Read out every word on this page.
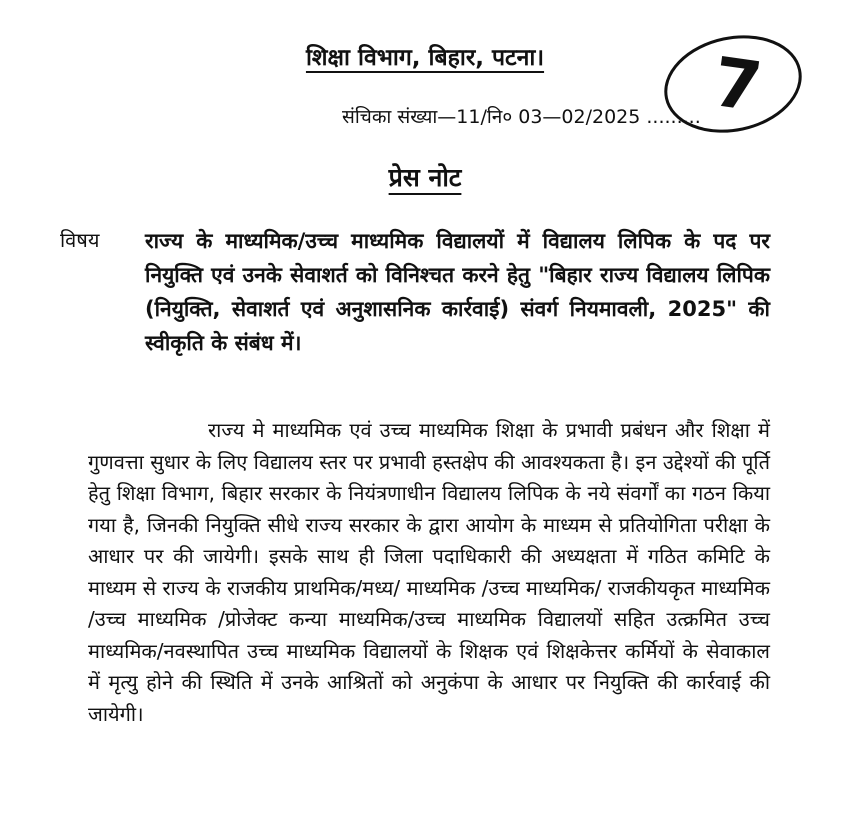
शिक्षा विभाग, बिहार, पटना।
संचिका संख्या—11/नि० 03—02/2025 ......... 7
प्रेस नोट
विषय राज्य के माध्यमिक/उच्च माध्यमिक विद्यालयों में विद्यालय लिपिक के पद पर नियुक्ति एवं उनके सेवाशर्त को विनिश्चत करने हेतु "बिहार राज्य विद्यालय लिपिक (नियुक्ति, सेवाशर्त एवं अनुशासनिक कार्रवाई) संवर्ग नियमावली, 2025" की स्वीकृति के संबंध में।

राज्य मे माध्यमिक एवं उच्च माध्यमिक शिक्षा के प्रभावी प्रबंधन और शिक्षा में गुणवत्ता सुधार के लिए विद्यालय स्तर पर प्रभावी हस्तक्षेप की आवश्यकता है। इन उद्देश्यों की पूर्ति हेतु शिक्षा विभाग, बिहार सरकार के नियंत्रणाधीन विद्यालय लिपिक के नये संवर्गों का गठन किया गया है, जिनकी नियुक्ति सीधे राज्य सरकार के द्वारा आयोग के माध्यम से प्रतियोगिता परीक्षा के आधार पर की जायेगी। इसके साथ ही जिला पदाधिकारी की अध्यक्षता में गठित कमिटि के माध्यम से राज्य के राजकीय प्राथमिक/मध्य/ माध्यमिक /उच्च माध्यमिक/ राजकीयकृत माध्यमिक /उच्च माध्यमिक /प्रोजेक्ट कन्या माध्यमिक/उच्च माध्यमिक विद्यालयों सहित उत्क्रमित उच्च माध्यमिक/नवस्थापित उच्च माध्यमिक विद्यालयों के शिक्षक एवं शिक्षकेत्तर कर्मियों के सेवाकाल में मृत्यु होने की स्थिति में उनके आश्रितों को अनुकंपा के आधार पर नियुक्ति की कार्रवाई की जायेगी।
